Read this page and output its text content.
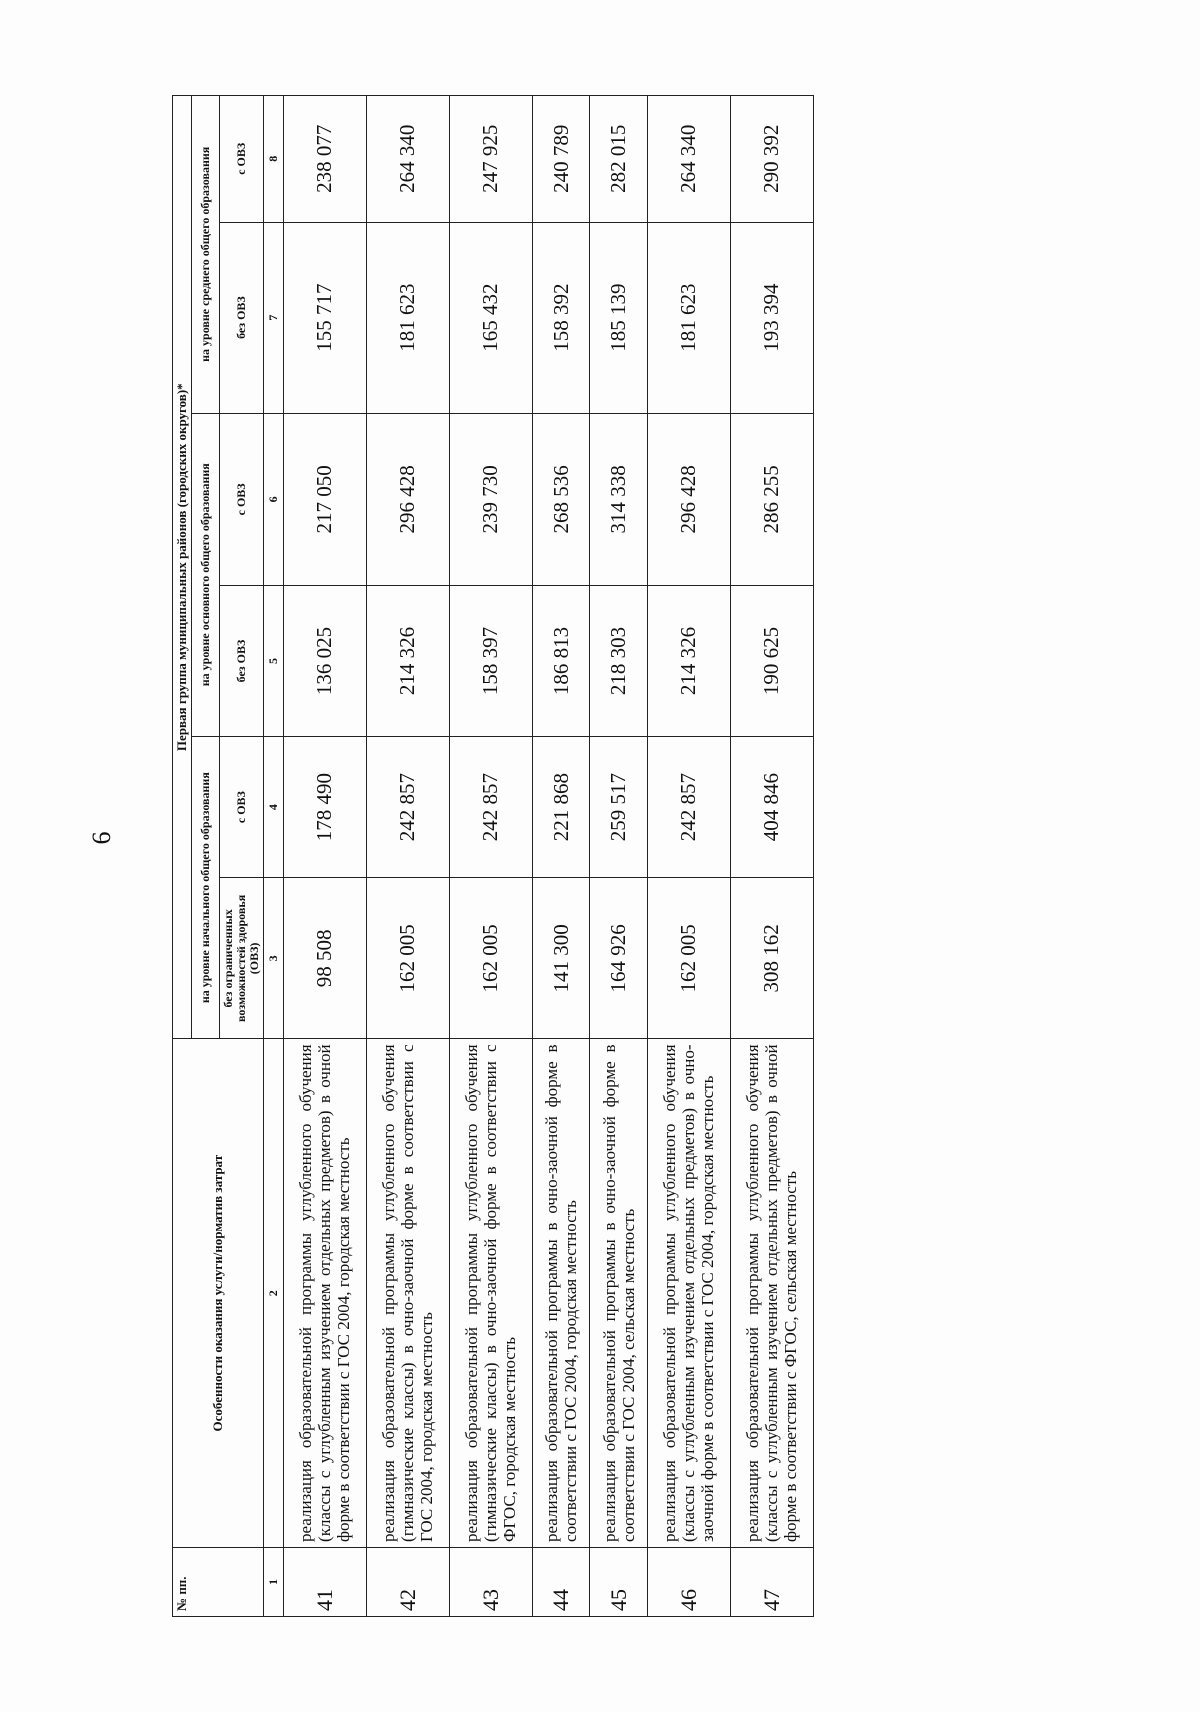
6
№ пп.	Особенности оказания услуги/норматив затрат	Первая группа муниципальных районов (городских округов)*					
		на уровне начального общего образования		на уровне основного общего образования		на уровне среднего общего образования	
		без ограниченных возможностей здоровья (ОВЗ)	с ОВЗ	без ОВЗ	с ОВЗ	без ОВЗ	с ОВЗ
1	2	3	4	5	6	7	8
41	реализация образовательной программы углубленного обучения (классы с углубленным изучением отдельных предметов) в очной форме в соответствии с ГОС 2004, городская местность	98 508	178 490	136 025	217 050	155 717	238 077
42	реализация образовательной программы углубленного обучения (гимназические классы) в очно-заочной форме в соответствии с ГОС 2004, городская местность	162 005	242 857	214 326	296 428	181 623	264 340
43	реализация образовательной программы углубленного обучения (гимназические классы) в очно-заочной форме в соответствии с ФГОС, городская местность	162 005	242 857	158 397	239 730	165 432	247 925
44	реализация образовательной программы в очно-заочной форме в соответствии с ГОС 2004, городская местность	141 300	221 868	186 813	268 536	158 392	240 789
45	реализация образовательной программы в очно-заочной форме в соответствии с ГОС 2004, сельская местность	164 926	259 517	218 303	314 338	185 139	282 015
46	реализация образовательной программы углубленного обучения (классы с углубленным изучением отдельных предметов) в очно-заочной форме в соответствии с ГОС 2004, городская местность	162 005	242 857	214 326	296 428	181 623	264 340
47	реализация образовательной программы углубленного обучения (классы с углубленным изучением отдельных предметов) в очной форме в соответствии с ФГОС, сельская местность	308 162	404 846	190 625	286 255	193 394	290 392
